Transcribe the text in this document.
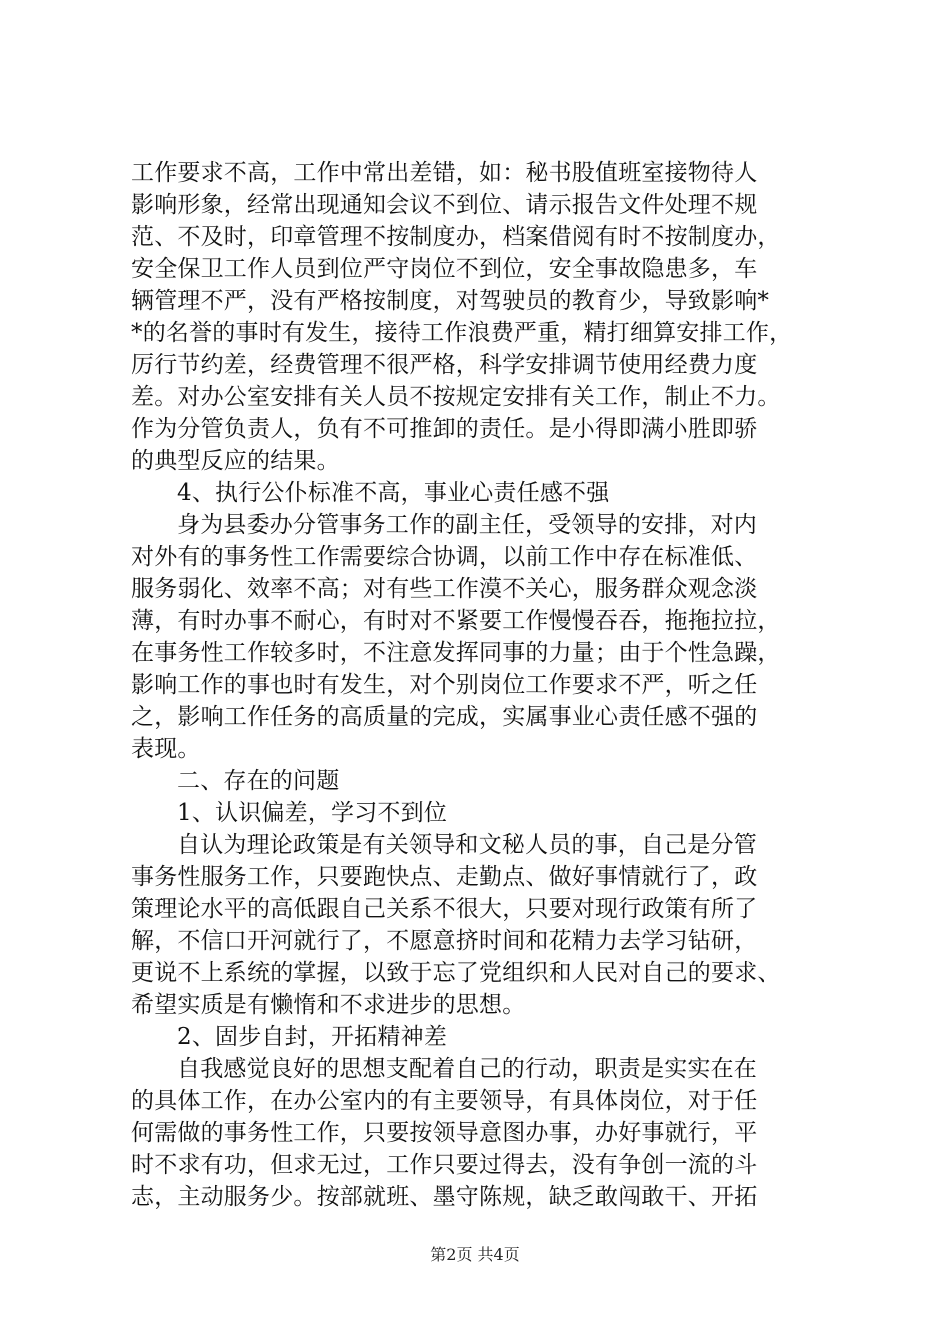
工作要求不高，工作中常出差错，如：秘书股值班室接物待人
影响形象，经常出现通知会议不到位、请示报告文件处理不规
范、不及时，印章管理不按制度办，档案借阅有时不按制度办，
安全保卫工作人员到位严守岗位不到位，安全事故隐患多，车
辆管理不严，没有严格按制度，对驾驶员的教育少，导致影响*
*的名誉的事时有发生，接待工作浪费严重，精打细算安排工作，
厉行节约差，经费管理不很严格，科学安排调节使用经费力度
差。对办公室安排有关人员不按规定安排有关工作，制止不力。
作为分管负责人，负有不可推卸的责任。是小得即满小胜即骄
的典型反应的结果。
4、执行公仆标准不高，事业心责任感不强
身为县委办分管事务工作的副主任，受领导的安排，对内
对外有的事务性工作需要综合协调，以前工作中存在标准低、
服务弱化、效率不高；对有些工作漠不关心，服务群众观念淡
薄，有时办事不耐心，有时对不紧要工作慢慢吞吞，拖拖拉拉，
在事务性工作较多时，不注意发挥同事的力量；由于个性急躁，
影响工作的事也时有发生，对个别岗位工作要求不严，听之任
之，影响工作任务的高质量的完成，实属事业心责任感不强的
表现。
二、存在的问题
1、认识偏差，学习不到位
自认为理论政策是有关领导和文秘人员的事，自己是分管
事务性服务工作，只要跑快点、走勤点、做好事情就行了，政
策理论水平的高低跟自己关系不很大，只要对现行政策有所了
解，不信口开河就行了，不愿意挤时间和花精力去学习钻研，
更说不上系统的掌握，以致于忘了党组织和人民对自己的要求、
希望实质是有懒惰和不求进步的思想。
2、固步自封，开拓精神差
自我感觉良好的思想支配着自己的行动，职责是实实在在
的具体工作，在办公室内的有主要领导，有具体岗位，对于任
何需做的事务性工作，只要按领导意图办事，办好事就行，平
时不求有功，但求无过，工作只要过得去，没有争创一流的斗
志，主动服务少。按部就班、墨守陈规，缺乏敢闯敢干、开拓
第2页 共4页
